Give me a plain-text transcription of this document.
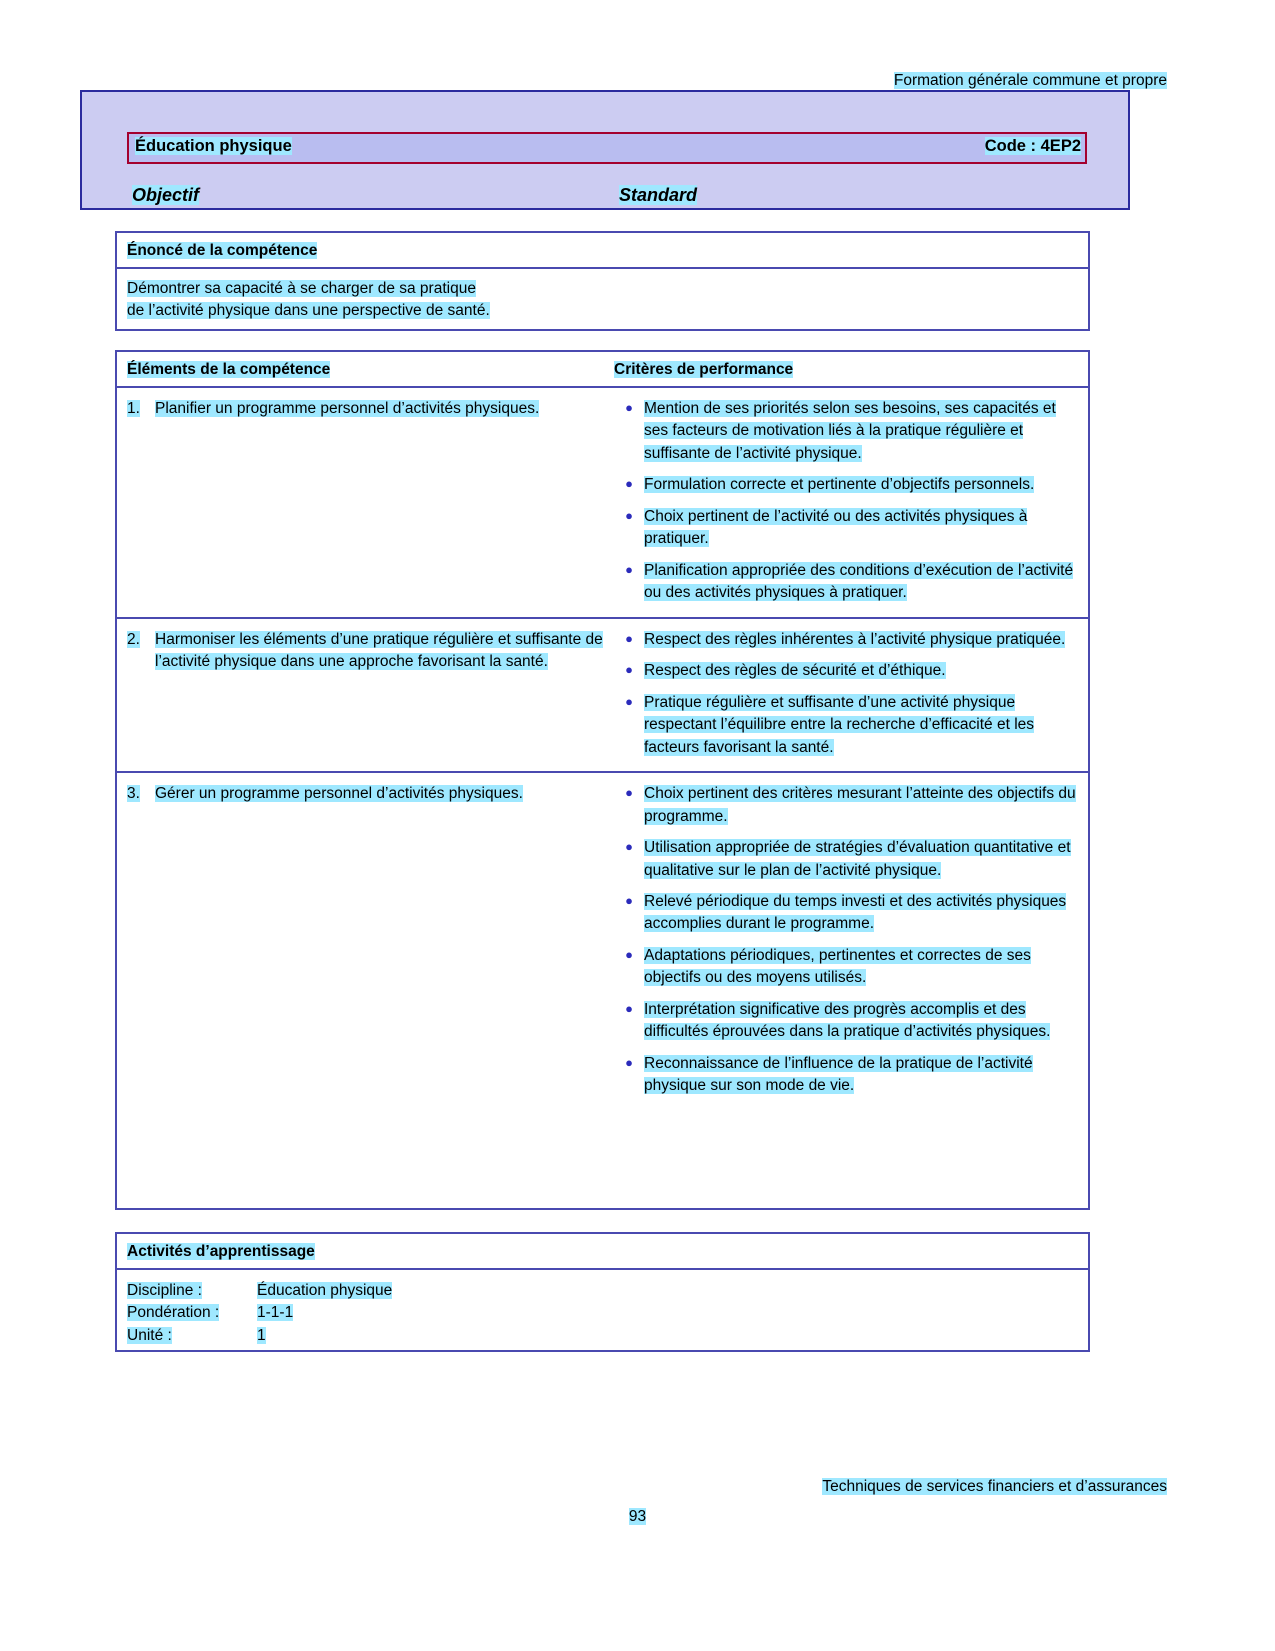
Formation générale commune et propre
Éducation physique	Code : 4EP2
Objectif	Standard
Énoncé de la compétence
Démontrer sa capacité à se charger de sa pratique
de l’activité physique dans une perspective de santé.
Éléments de la compétence	Critères de performance
1. Planifier un programme personnel d’activités physiques.	● Mention de ses priorités selon ses besoins, ses capacités et ses facteurs de motivation liés à la pratique régulière et suffisante de l’activité physique.
● Formulation correcte et pertinente d’objectifs personnels.
● Choix pertinent de l’activité ou des activités physiques à pratiquer.
● Planification appropriée des conditions d’exécution de l’activité ou des activités physiques à pratiquer.
2. Harmoniser les éléments d’une pratique régulière et suffisante de l’activité physique dans une approche favorisant la santé.
● Respect des règles inhérentes à l’activité physique pratiquée.
● Respect des règles de sécurité et d’éthique.
● Pratique régulière et suffisante d’une activité physique respectant l’équilibre entre la recherche d’efficacité et les facteurs favorisant la santé.
3. Gérer un programme personnel d’activités physiques.	● Choix pertinent des critères mesurant l’atteinte des objectifs du programme.
● Utilisation appropriée de stratégies d’évaluation quantitative et qualitative sur le plan de l’activité physique.
● Relevé périodique du temps investi et des activités physiques accomplies durant le programme.
● Adaptations périodiques, pertinentes et correctes de ses objectifs ou des moyens utilisés.
● Interprétation significative des progrès accomplis et des difficultés éprouvées dans la pratique d’activités physiques.
● Reconnaissance de l’influence de la pratique de l’activité physique sur son mode de vie.
Activités d’apprentissage
Discipline :	Éducation physique
Pondération : 1-1-1
Unité :	1
Techniques de services financiers et d’assurances
93
